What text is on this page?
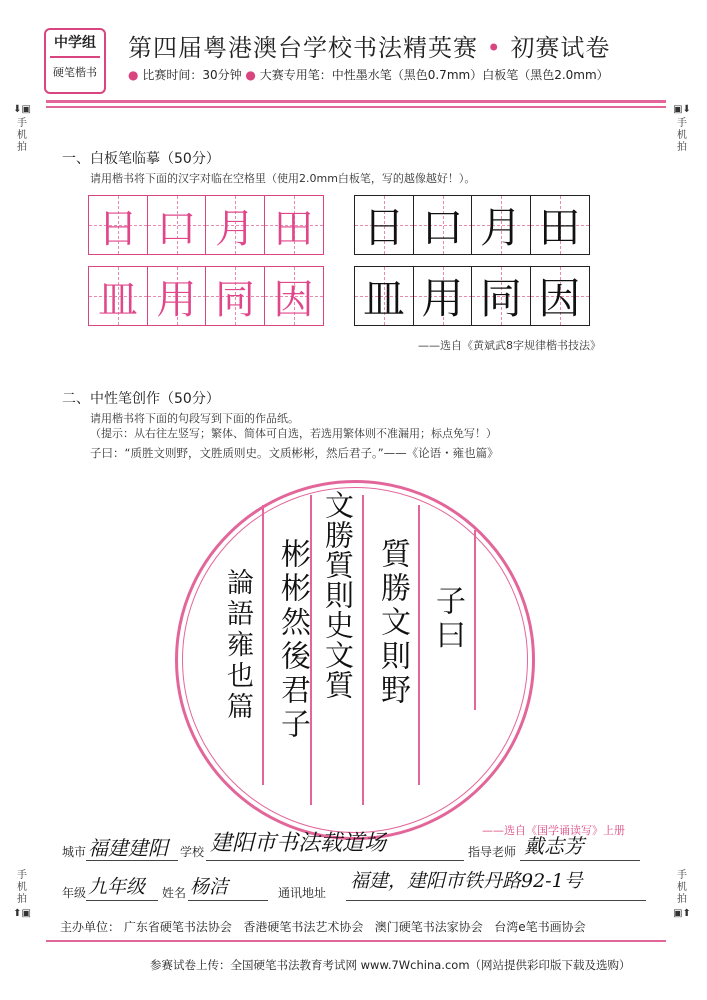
中学组
硬笔楷书
第四届粤港澳台学校书法精英赛 • 初赛试卷
● 比赛时间：30分钟 ● 大赛专用笔：中性墨水笔（黑色0.7mm）白板笔（黑色2.0mm）
⬇▣
手机拍
▣⬇
手机拍
手机拍
⬆▣
手机拍
▣⬆
一、白板笔临摹（50分）
请用楷书将下面的汉字对临在空格里（使用2.0mm白板笔，写的越像越好！）。
日 口 月 田 日 口 月 田
皿 用 同 因 皿 用 同 因
——选自《黄斌武8字规律楷书技法》
二、中性笔创作（50分）
请用楷书将下面的句段写到下面的作品纸。
（提示：从右往左竖写；繁体、简体可自选，若选用繁体则不准漏用；标点免写！）
子曰：“质胜文则野，文胜质则史。文质彬彬，然后君子。”——《论语・雍也篇》
子曰
質勝文則野
文勝質則史文質
彬彬然後君子
論語雍也篇
——选自《国学诵读写》上册
城市 福建建阳 学校 建阳市书法载道场	指导老师 戴志芳
年级 九年级 姓名 杨洁	通讯地址
福建，建阳市铁丹路92-1号
主办单位： 广东省硬笔书法协会 香港硬笔书法艺术协会 澳门硬笔书法家协会 台湾e笔书画协会
参赛试卷上传：全国硬笔书法教育考试网 www.7Wchina.com（网站提供彩印版下载及选购）
